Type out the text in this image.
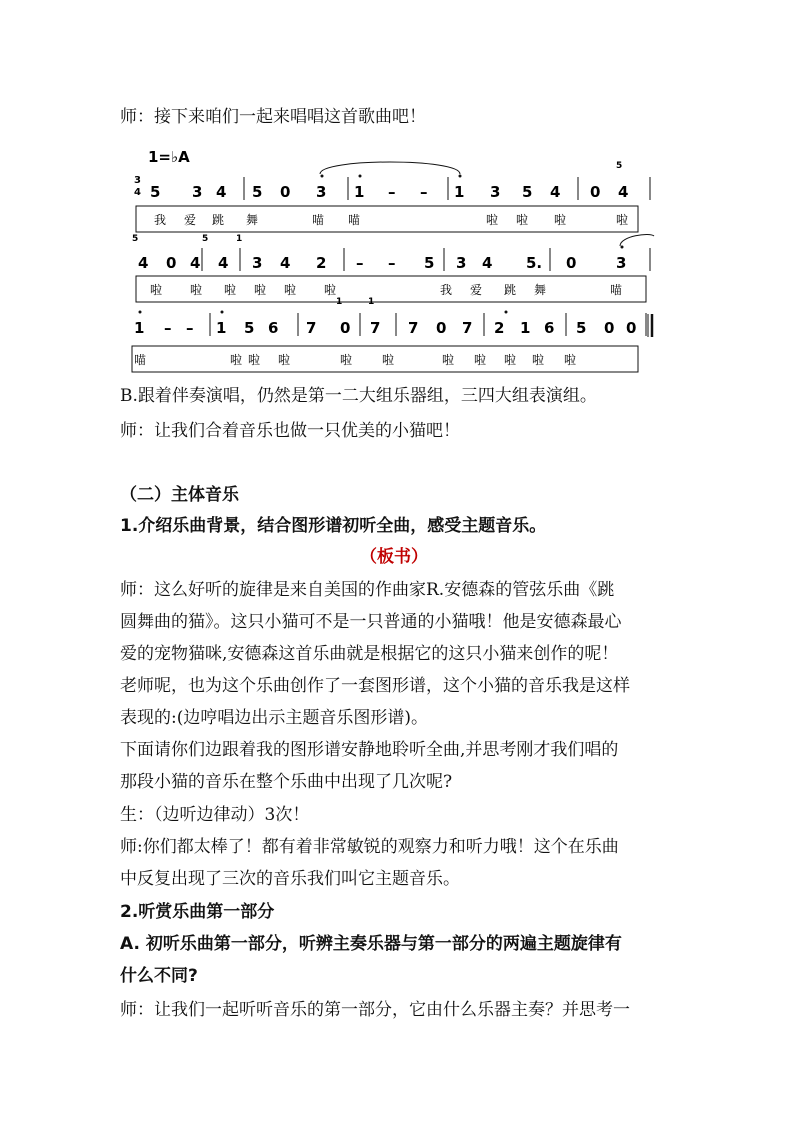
师：接下来咱们一起来唱唱这首歌曲吧！
1=♭A
3
4 5 3 4 5 0 3 1 – – 1 3 5 4 0 4
我 爱 跳 舞	喵 喵	啦 啦 啦	啦
4 0 4 4 3 4 2 – – 5 3 4 5. 0	3
啦 啦 啦 啦 啦 啦	我 爱 跳 舞	喵
1 – – 1 5 6 7 0 7 7 0 7 2 1 6 5 0 0
喵	啦 啦 啦	啦 啦	啦 啦 啦 啦 啦
5
5	5	1
1	1
B.跟着伴奏演唱，仍然是第一二大组乐器组，三四大组表演组。
师：让我们合着音乐也做一只优美的小猫吧！
（二）主体音乐
1.介绍乐曲背景，结合图形谱初听全曲，感受主题音乐。
（板书）
师：这么好听的旋律是来自美国的作曲家R.安德森的管弦乐曲《跳
圆舞曲的猫》。这只小猫可不是一只普通的小猫哦！他是安德森最心
爱的宠物猫咪,安德森这首乐曲就是根据它的这只小猫来创作的呢！
老师呢，也为这个乐曲创作了一套图形谱，这个小猫的音乐我是这样
表现的:(边哼唱边出示主题音乐图形谱)。
下面请你们边跟着我的图形谱安静地聆听全曲,并思考刚才我们唱的
那段小猫的音乐在整个乐曲中出现了几次呢?
生：（边听边律动）3次！
师:你们都太棒了！都有着非常敏锐的观察力和听力哦！这个在乐曲
中反复出现了三次的音乐我们叫它主题音乐。
2.听赏乐曲第一部分
A. 初听乐曲第一部分，听辨主奏乐器与第一部分的两遍主题旋律有
什么不同?
师：让我们一起听听音乐的第一部分，它由什么乐器主奏？并思考一
